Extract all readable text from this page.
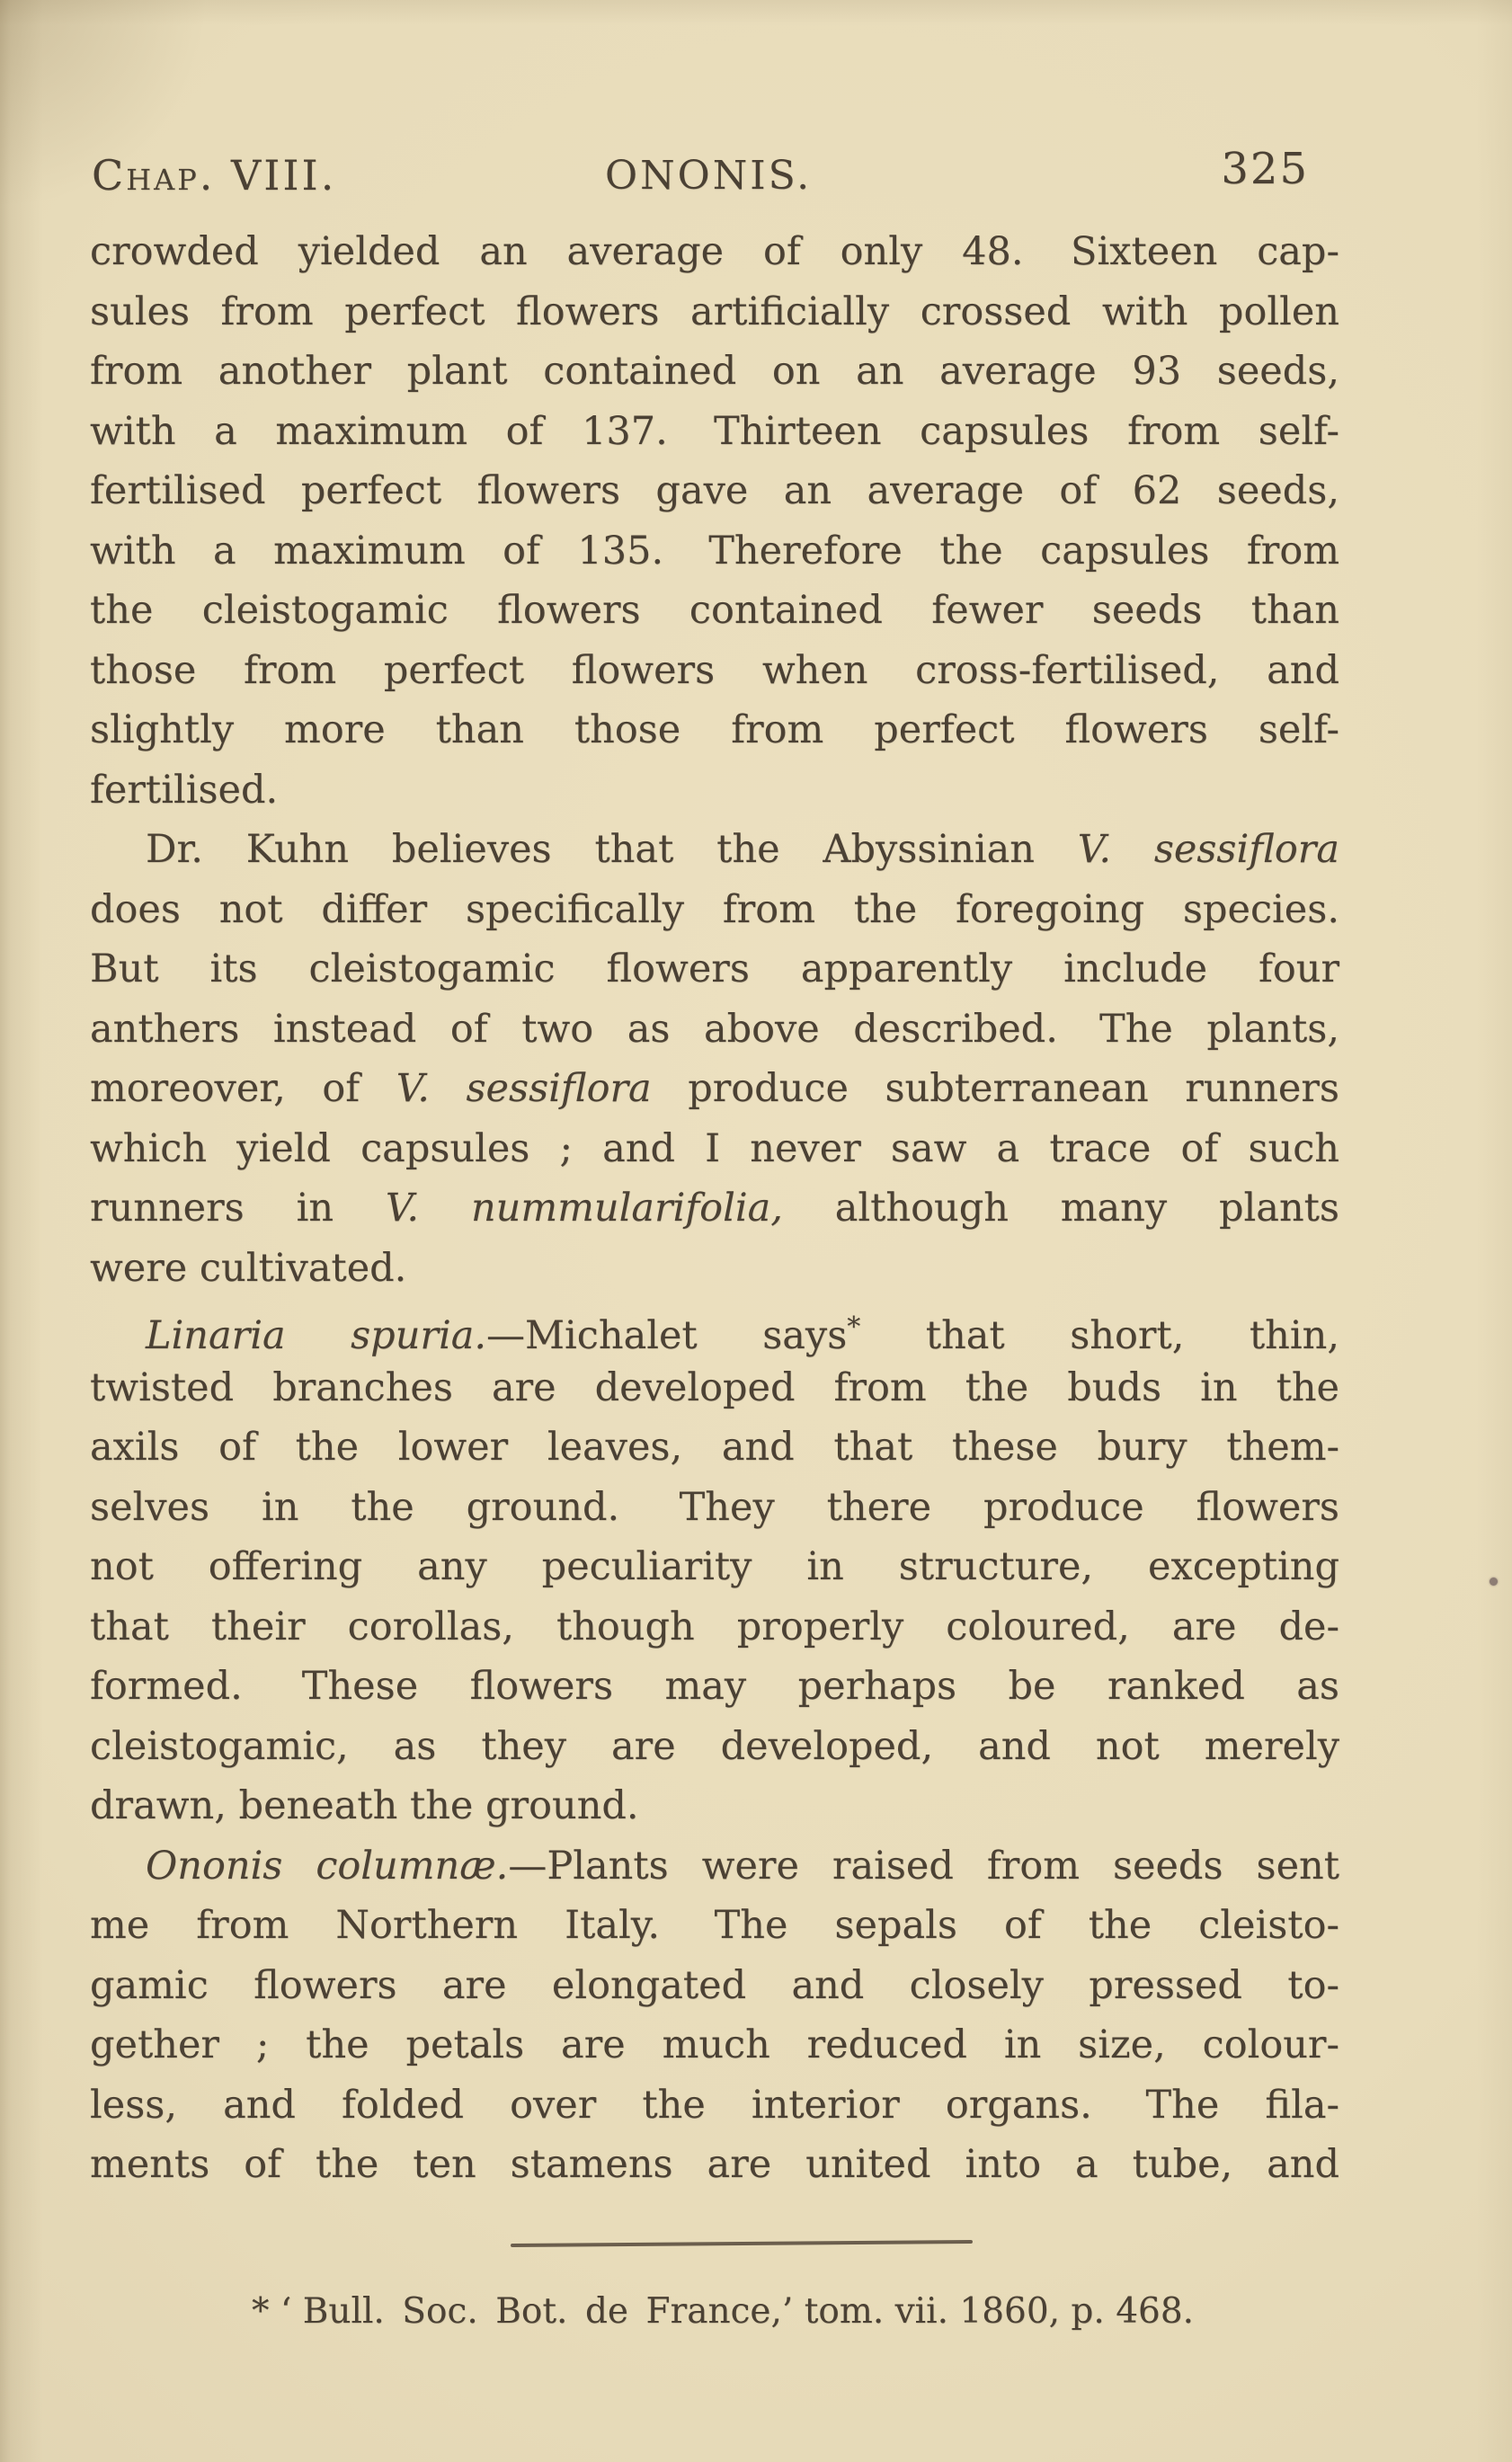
Chap. VIII.	ONONIS.	325
crowded yielded an average of only 48.  Sixteen cap-
sules from perfect flowers artificially crossed with pollen
from another plant contained on an average 93 seeds,
with a maximum of 137.  Thirteen capsules from self-
fertilised perfect flowers gave an average of 62 seeds,
with a maximum of 135.  Therefore the capsules from
the cleistogamic flowers contained fewer seeds than
those from perfect flowers when cross-fertilised, and
slightly more than those from perfect flowers self-
fertilised.
Dr. Kuhn believes that the Abyssinian V. sessiflora
does not differ specifically from the foregoing species.
But its cleistogamic flowers apparently include four
anthers instead of two as above described.  The plants,
moreover, of V. sessiflora produce subterranean runners
which yield capsules ; and I never saw a trace of such
runners in V. nummularifolia, although many plants
were cultivated.
Linaria spuria.—Michalet says* that short, thin,
twisted branches are developed from the buds in the
axils of the lower leaves, and that these bury them-
selves in the ground.  They there produce flowers
not offering any peculiarity in structure, excepting
that their corollas, though properly coloured, are de-
formed.  These flowers may perhaps be ranked as
cleistogamic, as they are developed, and not merely
drawn, beneath the ground.
Ononis columnæ.—Plants were raised from seeds sent
me from Northern Italy.  The sepals of the cleisto-
gamic flowers are elongated and closely pressed to-
gether ; the petals are much reduced in size, colour-
less, and folded over the interior organs.  The fila-
ments of the ten stamens are united into a tube, and
* ‘ Bull. Soc. Bot. de France,’ tom. vii. 1860, p. 468.
